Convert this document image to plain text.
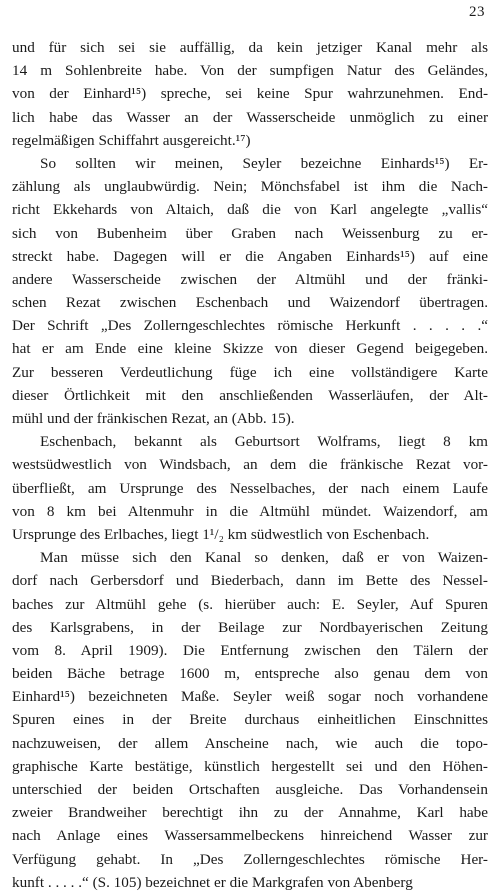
23
und für sich sei sie auffällig, da kein jetziger Kanal mehr als
14 m Sohlenbreite habe. Von der sumpfigen Natur des Geländes,
von der Einhard¹⁵) spreche, sei keine Spur wahrzunehmen. End-
lich habe das Wasser an der Wasserscheide unmöglich zu einer
regelmäßigen Schiffahrt ausgereicht.¹⁷)
So sollten wir meinen, Seyler bezeichne Einhards¹⁵) Er-
zählung als unglaubwürdig. Nein; Mönchsfabel ist ihm die Nach-
richt Ekkehards von Altaich, daß die von Karl angelegte „vallis“
sich von Bubenheim über Graben nach Weissenburg zu er-
streckt habe. Dagegen will er die Angaben Einhards¹⁵) auf eine
andere Wasserscheide zwischen der Altmühl und der fränki-
schen Rezat zwischen Eschenbach und Waizendorf übertragen.
Der Schrift „Des Zollerngeschlechtes römische Herkunft . . . . .“
hat er am Ende eine kleine Skizze von dieser Gegend beigegeben.
Zur besseren Verdeutlichung füge ich eine vollständigere Karte
dieser Örtlichkeit mit den anschließenden Wasserläufen, der Alt-
mühl und der fränkischen Rezat, an (Abb. 15).
Eschenbach, bekannt als Geburtsort Wolframs, liegt 8 km
westsüdwestlich von Windsbach, an dem die fränkische Rezat vor-
überfließt, am Ursprunge des Nesselbaches, der nach einem Laufe
von 8 km bei Altenmuhr in die Altmühl mündet. Waizendorf, am
Ursprunge des Erlbaches, liegt 1¹/₂ km südwestlich von Eschenbach.
Man müsse sich den Kanal so denken, daß er von Waizen-
dorf nach Gerbersdorf und Biederbach, dann im Bette des Nessel-
baches zur Altmühl gehe (s. hierüber auch: E. Seyler, Auf Spuren
des Karlsgrabens, in der Beilage zur Nordbayerischen Zeitung
vom 8. April 1909). Die Entfernung zwischen den Tälern der
beiden Bäche betrage 1600 m, entspreche also genau dem von
Einhard¹⁵) bezeichneten Maße. Seyler weiß sogar noch vorhandene
Spuren eines in der Breite durchaus einheitlichen Einschnittes
nachzuweisen, der allem Anscheine nach, wie auch die topo-
graphische Karte bestätige, künstlich hergestellt sei und den Höhen-
unterschied der beiden Ortschaften ausgleiche. Das Vorhandensein
zweier Brandweiher berechtigt ihn zu der Annahme, Karl habe
nach Anlage eines Wassersammelbeckens hinreichend Wasser zur
Verfügung gehabt. In „Des Zollerngeschlechtes römische Her-
kunft . . . . .“ (S. 105) bezeichnet er die Markgrafen von Abenberg
